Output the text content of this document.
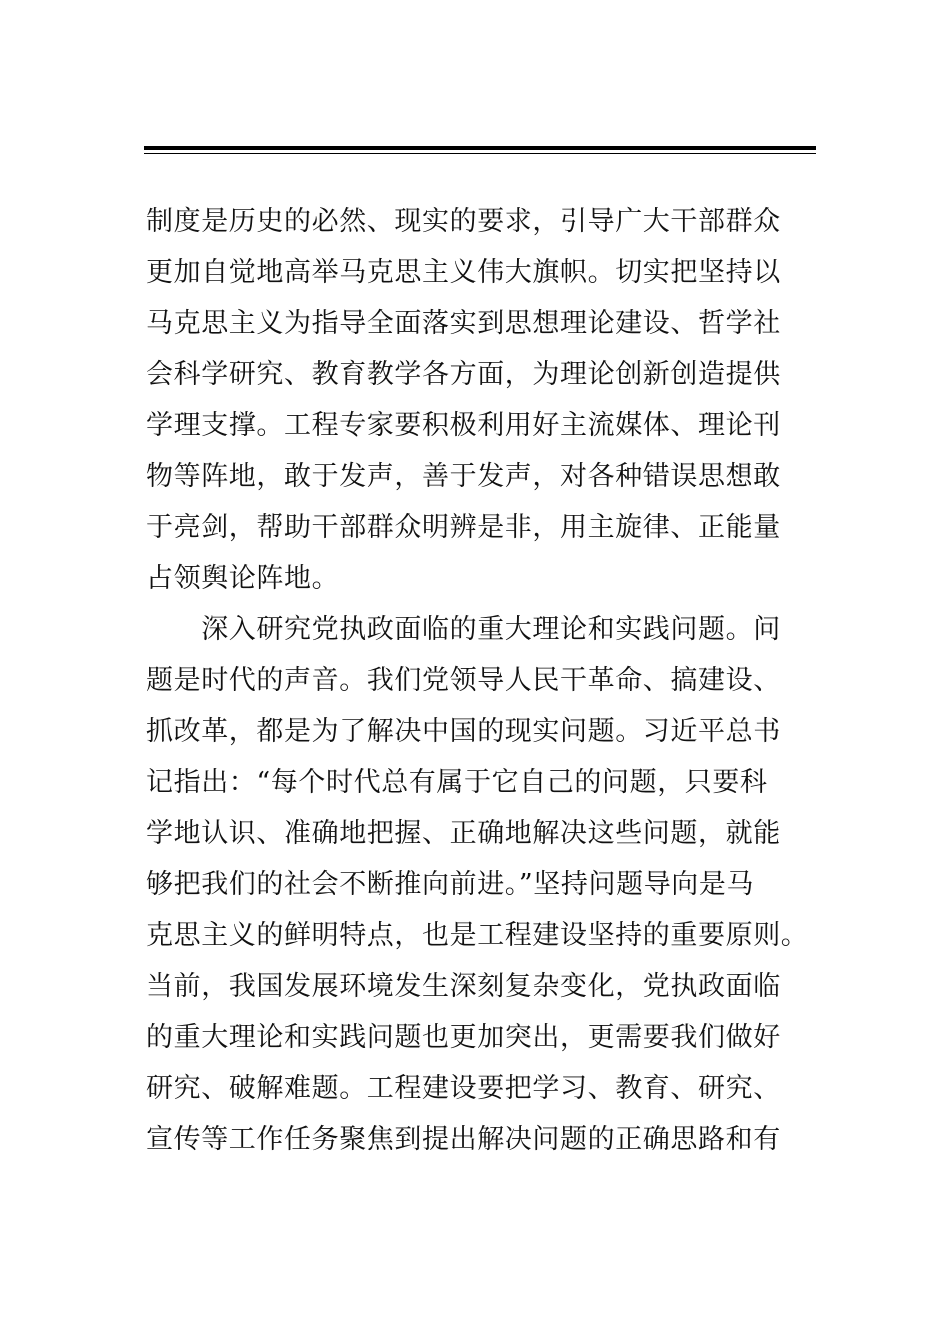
制度是历史的必然、现实的要求，引导广大干部群众
更加自觉地高举马克思主义伟大旗帜。切实把坚持以
马克思主义为指导全面落实到思想理论建设、哲学社
会科学研究、教育教学各方面，为理论创新创造提供
学理支撑。工程专家要积极利用好主流媒体、理论刊
物等阵地，敢于发声，善于发声，对各种错误思想敢
于亮剑，帮助干部群众明辨是非，用主旋律、正能量
占领舆论阵地。
　　深入研究党执政面临的重大理论和实践问题。问
题是时代的声音。我们党领导人民干革命、搞建设、
抓改革，都是为了解决中国的现实问题。习近平总书
记指出：“每个时代总有属于它自己的问题，只要科
学地认识、准确地把握、正确地解决这些问题，就能
够把我们的社会不断推向前进。”坚持问题导向是马
克思主义的鲜明特点，也是工程建设坚持的重要原则。
当前，我国发展环境发生深刻复杂变化，党执政面临
的重大理论和实践问题也更加突出，更需要我们做好
研究、破解难题。工程建设要把学习、教育、研究、
宣传等工作任务聚焦到提出解决问题的正确思路和有
